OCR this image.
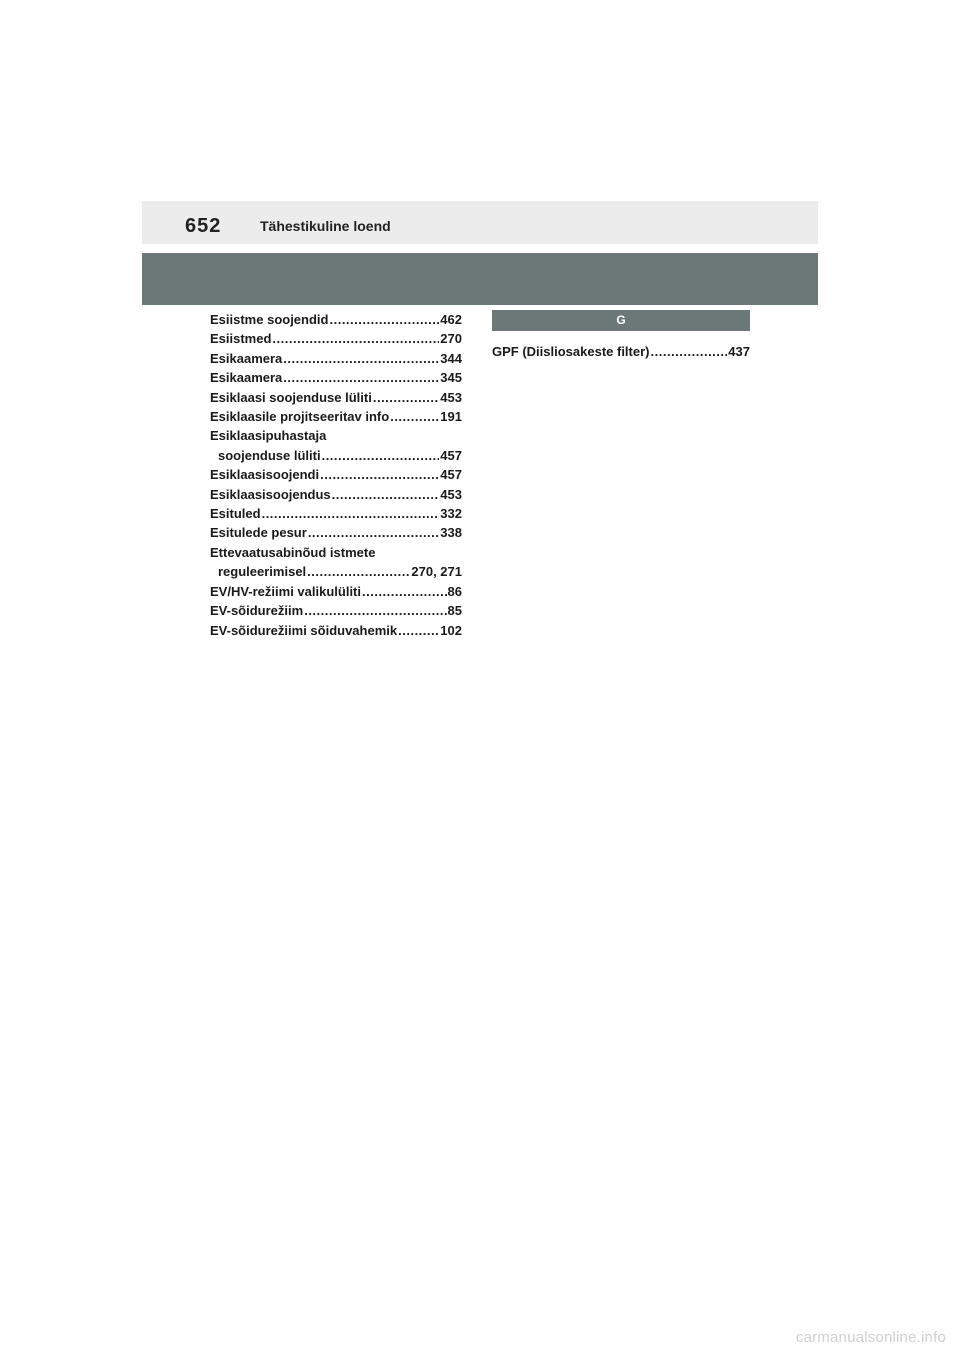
652	Tähestikuline loend
Esiistme soojendid .....	462
Esiistmed .....	270
Esikaamera .....	344
Esikaamera .....	345
Esiklaasi soojenduse lüliti .....	453
Esiklaasile projitseeritav info .....	191
Esiklaasipuhastaja
soojenduse lüliti .....	457
Esiklaasisoojendi .....	457
Esiklaasisoojendus .....	453
Esituled .....	332
Esitulede pesur .....	338
Ettevaatusabinõud istmete
reguleerimisel .....	270, 271
EV/HV-režiimi valikulüliti .....	86
EV-sõidurežiim .....	85
EV-sõidurežiimi sõiduvahemik .....	102
G
GPF (Diisliosakeste filter) .....	437
carmanualsonline.info
